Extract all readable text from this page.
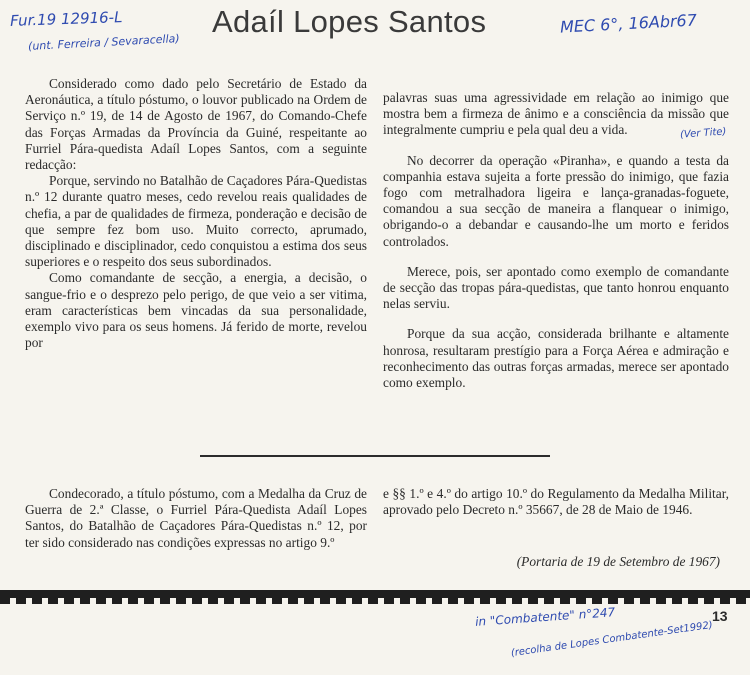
Fur.19 12916-L
(unt. Ferreira / Sevaracella)
Adaíl Lopes Santos	MEC 6°, 16Abr67

Considerado como dado pelo Secretário de Estado da Aeronáutica, a título póstumo, o louvor publicado na Ordem de Serviço n.º 19, de 14 de Agosto de 1967, do Comando-Chefe das Forças Armadas da Província da Guiné, respeitante ao Furriel Pára-quedista Adaíl Lopes Santos, com a seguinte redacção:

Porque, servindo no Batalhão de Caçadores Pára-Quedistas n.º 12 durante quatro meses, cedo revelou reais qualidades de chefia, a par de qualidades de firmeza, ponderação e decisão de que sempre fez bom uso. Muito correcto, aprumado, disciplinado e disciplinador, cedo conquistou a estima dos seus superiores e o respeito dos seus subordinados.

Como comandante de secção, a energia, a decisão, o sangue-frio e o desprezo pelo perigo, de que veio a ser vitima, eram características bem vincadas da sua personalidade, exemplo vivo para os seus homens. Já ferido de morte, revelou por

(Ver Tite)

palavras suas uma agressividade em relação ao inimigo que mostra bem a firmeza de ânimo e a consciência da missão que integralmente cumpriu e pela qual deu a vida.

No decorrer da operação «Piranha», e quando a testa da companhia estava sujeita a forte pressão do inimigo, que fazia fogo com metralhadora ligeira e lança-granadas-foguete, comandou a sua secção de maneira a flanquear o inimigo, obrigando-o a debandar e causando-lhe um morto e feridos controlados.

Merece, pois, ser apontado como exemplo de comandante de secção das tropas pára-quedistas, que tanto honrou enquanto nelas serviu.

Porque da sua acção, considerada brilhante e altamente honrosa, resultaram prestígio para a Força Aérea e admiração e reconhecimento das outras forças armadas, merece ser apontado como exemplo.

Condecorado, a título póstumo, com a Medalha da Cruz de Guerra de 2.ª Classe, o Furriel Pára-Quedista Adaíl Lopes Santos, do Batalhão de Caçadores Pára-Quedistas n.º 12, por ter sido considerado nas condições expressas no artigo 9.º

e §§ 1.º e 4.º do artigo 10.º do Regulamento da Medalha Militar, aprovado pelo Decreto n.º 35667, de 28 de Maio de 1946.

(Portaria de 19 de Setembro de 1967)
13
in "Combatente" n°247
(recolha de Lopes Combatente-Set1992)
